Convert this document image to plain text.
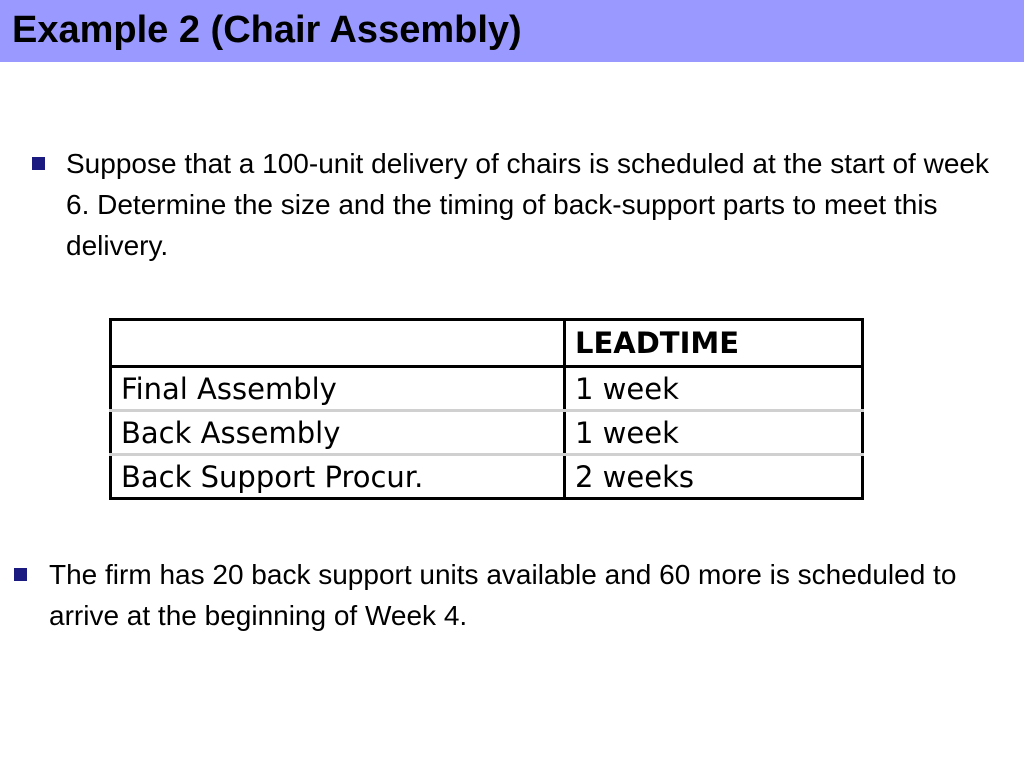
Example 2 (Chair Assembly)
Suppose that a 100-unit delivery of chairs is scheduled at the start of week 6. Determine the size and the timing of back-support parts to meet this delivery.
	LEADTIME
Final Assembly	1 week
Back Assembly	1 week
Back Support Procur.	2 weeks
The firm has 20 back support units available and 60 more is scheduled to arrive at the beginning of Week 4.
